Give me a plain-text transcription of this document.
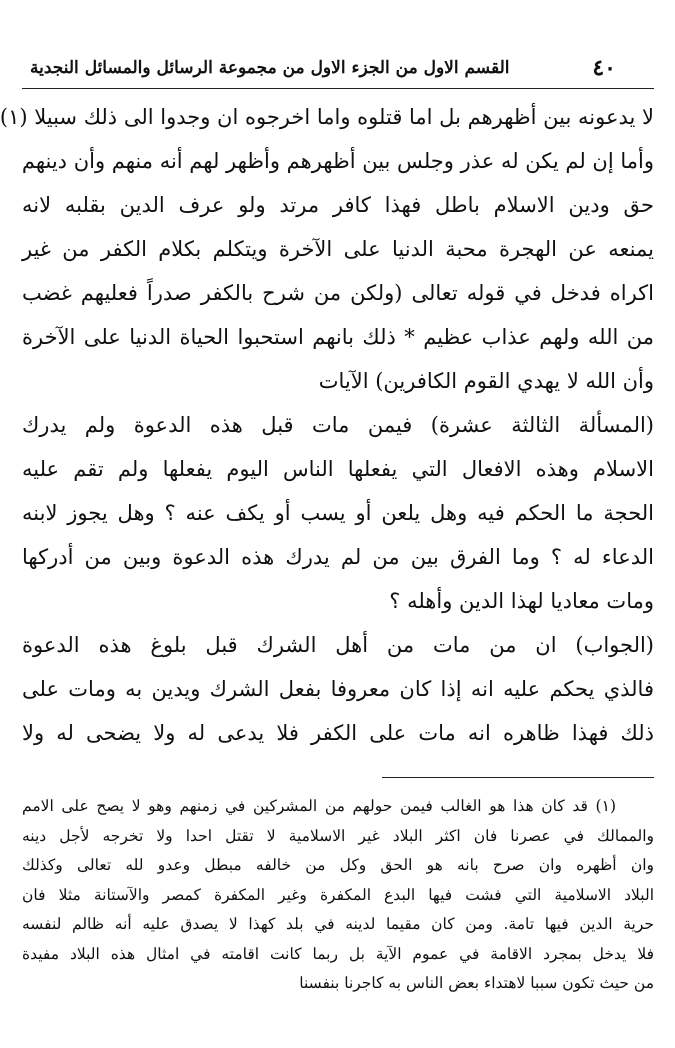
٤٠
القسم الاول من الجزء الاول من مجموعة الرسائل والمسائل النجدية
لا يدعونه بين أظهرهم بل اما قتلوه واما اخرجوه ان وجدوا الى ذلك سبيلا (١)
وأما إن لم يكن له عذر وجلس بين أظهرهم وأظهر لهم أنه منهم وأن دينهم
حق ودين الاسلام باطل فهذا كافر مرتد ولو عرف الدين بقلبه لانه
يمنعه عن الهجرة محبة الدنيا على الآخرة ويتكلم بكلام الكفر من غير
اكراه فدخل في قوله تعالى (ولكن من شرح بالكفر صدراً فعليهم غضب
من الله ولهم عذاب عظيم * ذلك بانهم استحبوا الحياة الدنيا على الآخرة
وأن الله لا يهدي القوم الكافرين) الآيات
(المسألة الثالثة عشرة) فيمن مات قبل هذه الدعوة ولم يدرك
الاسلام وهذه الافعال التي يفعلها الناس اليوم يفعلها ولم تقم عليه
الحجة ما الحكم فيه وهل يلعن أو يسب أو يكف عنه ؟ وهل يجوز لابنه
الدعاء له ؟ وما الفرق بين من لم يدرك هذه الدعوة وبين من أدركها
ومات معاديا لهذا الدين وأهله ؟
(الجواب) ان من مات من أهل الشرك قبل بلوغ هذه الدعوة
فالذي يحكم عليه انه إذا كان معروفا بفعل الشرك ويدين به ومات على
ذلك فهذا ظاهره انه مات على الكفر فلا يدعى له ولا يضحى له ولا
(١) قد كان هذا هو الغالب فيمن حولهم من المشركين في زمنهم وهو لا يصح على الامم
والممالك في عصرنا فان اكثر البلاد غير الاسلامية لا تقتل احدا ولا تخرجه لأجل دينه
وان أظهره وان صرح بانه هو الحق وكل من خالفه مبطل وعدو لله تعالى وكذلك
البلاد الاسلامية التي فشت فيها البدع المكفرة وغير المكفرة كمصر والآستانة مثلا فان
حرية الدين فيها تامة. ومن كان مقيما لدينه في بلد كهذا لا يصدق عليه أنه ظالم لنفسه
فلا يدخل بمجرد الاقامة في عموم الآية بل ربما كانت اقامته في امثال هذه البلاد مفيدة
من حيث تكون سببا لاهتداء بعض الناس به كاجرنا بنفسنا
